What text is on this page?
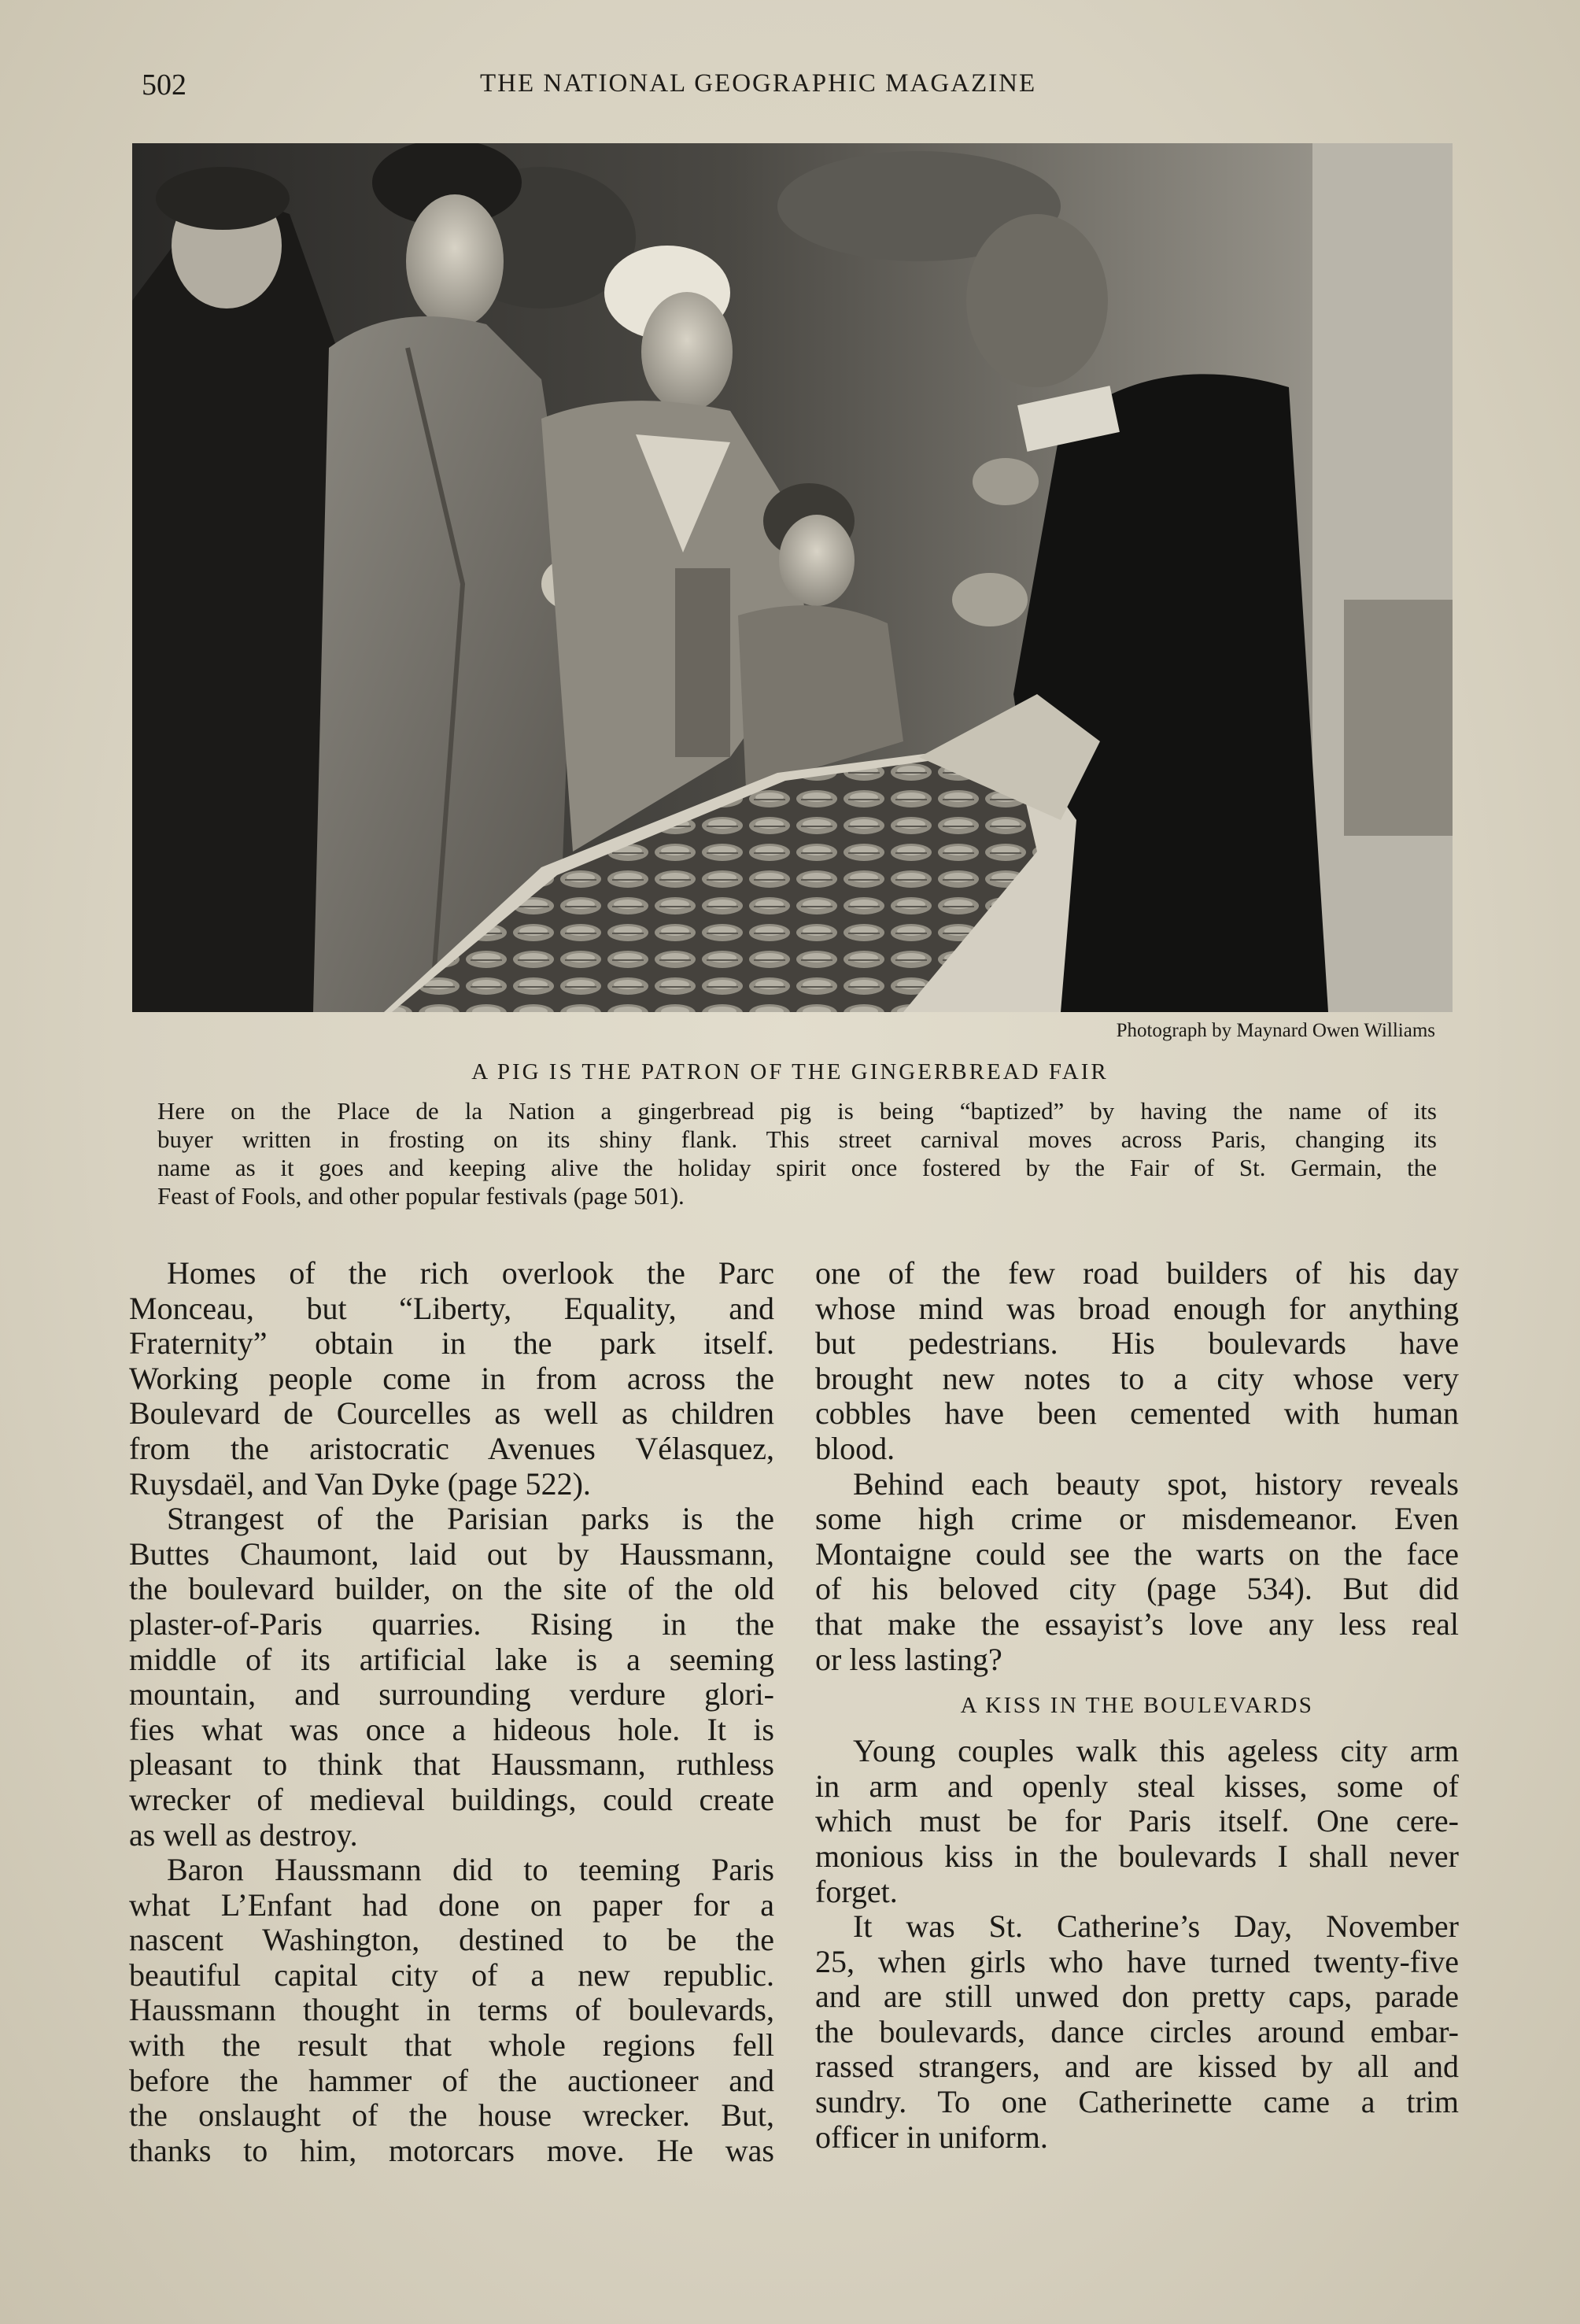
502	THE NATIONAL GEOGRAPHIC MAGAZINE
Photograph by Maynard Owen Williams
A PIG IS THE PATRON OF THE GINGERBREAD FAIR
Here on the Place de la Nation a gingerbread pig is being “baptized” by having the name of its
buyer written in frosting on its shiny flank. This street carnival moves across Paris, changing its
name as it goes and keeping alive the holiday spirit once fostered by the Fair of St. Germain, the
Feast of Fools, and other popular festivals (page 501).
Homes of the rich overlook the Parc
Monceau, but “Liberty, Equality, and
Fraternity” obtain in the park itself.
Working people come in from across the
Boulevard de Courcelles as well as children
from the aristocratic Avenues Vélasquez,
Ruysdaël, and Van Dyke (page 522).
Strangest of the Parisian parks is the
Buttes Chaumont, laid out by Haussmann,
the boulevard builder, on the site of the old
plaster-of-Paris quarries. Rising in the
middle of its artificial lake is a seeming
mountain, and surrounding verdure glori-
fies what was once a hideous hole. It is
pleasant to think that Haussmann, ruthless
wrecker of medieval buildings, could create
as well as destroy.
Baron Haussmann did to teeming Paris
what L’Enfant had done on paper for a
nascent Washington, destined to be the
beautiful capital city of a new republic.
Haussmann thought in terms of boulevards,
with the result that whole regions fell
before the hammer of the auctioneer and
the onslaught of the house wrecker. But,
thanks to him, motorcars move. He was
one of the few road builders of his day
whose mind was broad enough for anything
but pedestrians. His boulevards have
brought new notes to a city whose very
cobbles have been cemented with human
blood.
Behind each beauty spot, history reveals
some high crime or misdemeanor. Even
Montaigne could see the warts on the face
of his beloved city (page 534). But did
that make the essayist’s love any less real
or less lasting?
A KISS IN THE BOULEVARDS
Young couples walk this ageless city arm
in arm and openly steal kisses, some of
which must be for Paris itself. One cere-
monious kiss in the boulevards I shall never
forget.
It was St. Catherine’s Day, November
25, when girls who have turned twenty-five
and are still unwed don pretty caps, parade
the boulevards, dance circles around embar-
rassed strangers, and are kissed by all and
sundry. To one Catherinette came a trim
officer in uniform.
